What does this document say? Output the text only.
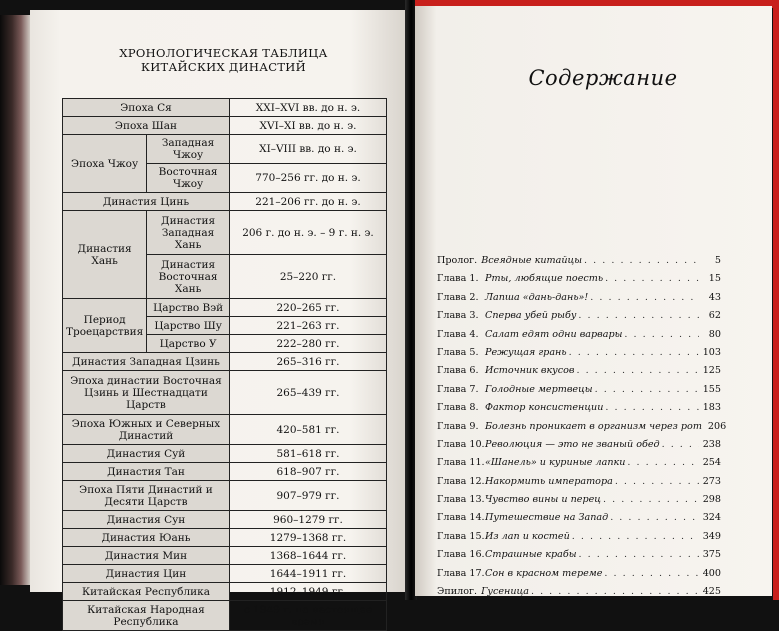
ХРОНОЛОГИЧЕСКАЯ ТАБЛИЦА
КИТАЙСКИХ ДИНАСТИЙ
Эпоха Ся		XXI–XVI вв. до н. э.
Эпоха Шан		XVI–XI вв. до н. э.
Эпоха Чжоу	Западная Чжоу	XI–VIII вв. до н. э.
	Восточная Чжоу	770–256 гг. до н. э.
Династия Цинь		221–206 гг. до н. э.
Династия Хань	Династия Западная Хань	206 г. до н. э. – 9 г. н. э.
	Династия Восточная Хань	25–220 гг.
Период Троецарствия	Царство Вэй	220–265 гг.
	Царство Шу	221–263 гг.
	Царство У	222–280 гг.
Династия Западная Цзинь		265–316 гг.
Эпоха династии Восточная Цзинь и Шестнадцати Царств		265–439 гг.
Эпоха Южных и Северных Династий		420–581 гг.
Династия Суй		581–618 гг.
Династия Тан		618–907 гг.
Эпоха Пяти Династий и Десяти Царств		907–979 гг.
Династия Сун		960–1279 гг.
Династия Юань		1279–1368 гг.
Династия Мин		1368–1644 гг.
Династия Цин		1644–1911 гг.
Китайская Республика		1912–1949 гг.
Китайская Народная Республика		с 1949 г. по настоящее время
Содержание
Пролог. Всеядные китайцы . . .	5
Глава 1. Рты, любящие поесть . . .	15
Глава 2. Лапша «дань-дань»! . . .	43
Глава 3. Сперва убей рыбу . . .	62
Глава 4. Салат едят одни варвары . . .	80
Глава 5. Режущая грань . . .	103
Глава 6. Источник вкусов . . .	125
Глава 7. Голодные мертвецы . . .	155
Глава 8. Фактор консистенции . . .	183
Глава 9. Болезнь проникает в организм через рот 206
Глава 10. Революция — это не званый обед . . .	238
Глава 11. «Шанель» и куриные лапки . . .	254
Глава 12. Накормить императора . . .	273
Глава 13. Чувство вины и перец . . .	298
Глава 14. Путешествие на Запад . . .	324
Глава 15. Из лап и костей . . .	349
Глава 16. Страшные крабы . . .	375
Глава 17. Сон в красном тереме . . .	400
Эпилог. Гусеница . . .	425
